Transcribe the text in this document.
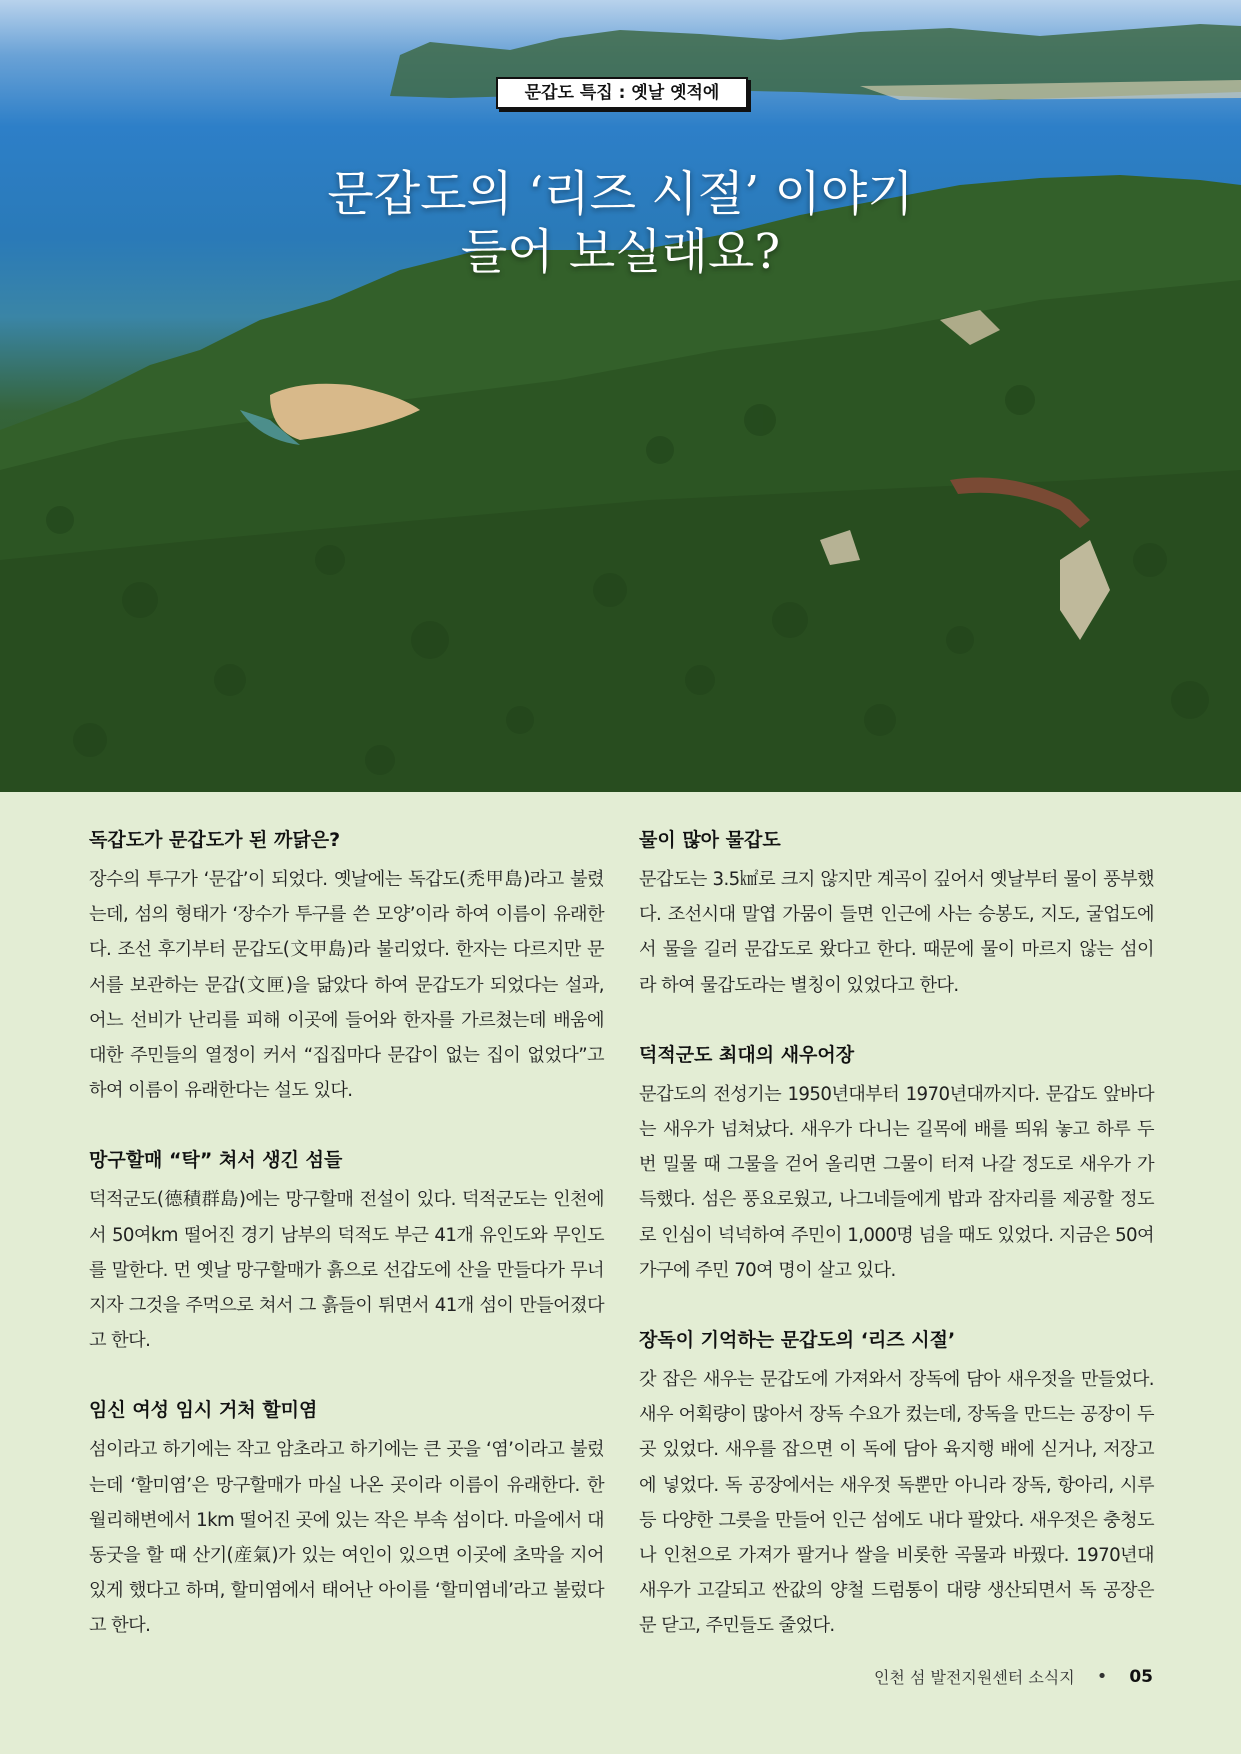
문갑도 특집 : 옛날 옛적에
문갑도의 ‘리즈 시절’ 이야기
들어 보실래요?
독갑도가 문갑도가 된 까닭은?

장수의 투구가 ‘문갑’이 되었다. 옛날에는 독갑도(禿甲島)라고 불렸는데, 섬의 형태가 ‘장수가 투구를 쓴 모양’이라 하여 이름이 유래한다. 조선 후기부터 문갑도(文甲島)라 불리었다. 한자는 다르지만 문서를 보관하는 문갑(文匣)을 닮았다 하여 문갑도가 되었다는 설과, 어느 선비가 난리를 피해 이곳에 들어와 한자를 가르쳤는데 배움에 대한 주민들의 열정이 커서 “집집마다 문갑이 없는 집이 없었다”고 하여 이름이 유래한다는 설도 있다.

망구할매 “탁” 쳐서 생긴 섬들

덕적군도(德積群島)에는 망구할매 전설이 있다. 덕적군도는 인천에서 50여km 떨어진 경기 남부의 덕적도 부근 41개 유인도와 무인도를 말한다. 먼 옛날 망구할매가 흙으로 선갑도에 산을 만들다가 무너지자 그것을 주먹으로 쳐서 그 흙들이 튀면서 41개 섬이 만들어졌다고 한다.

임신 여성 임시 거처 할미염

섬이라고 하기에는 작고 암초라고 하기에는 큰 곳을 ‘염’이라고 불렀는데 ‘할미염’은 망구할매가 마실 나온 곳이라 이름이 유래한다. 한월리해변에서 1km 떨어진 곳에 있는 작은 부속 섬이다. 마을에서 대동굿을 할 때 산기(産氣)가 있는 여인이 있으면 이곳에 초막을 지어 있게 했다고 하며, 할미염에서 태어난 아이를 ‘할미염네’라고 불렀다고 한다.

물이 많아 물갑도

문갑도는 3.5㎢로 크지 않지만 계곡이 깊어서 옛날부터 물이 풍부했다. 조선시대 말엽 가뭄이 들면 인근에 사는 승봉도, 지도, 굴업도에서 물을 길러 문갑도로 왔다고 한다. 때문에 물이 마르지 않는 섬이라 하여 물갑도라는 별칭이 있었다고 한다.

덕적군도 최대의 새우어장

문갑도의 전성기는 1950년대부터 1970년대까지다. 문갑도 앞바다는 새우가 넘쳐났다. 새우가 다니는 길목에 배를 띄워 놓고 하루 두 번 밀물 때 그물을 걷어 올리면 그물이 터져 나갈 정도로 새우가 가득했다. 섬은 풍요로웠고, 나그네들에게 밥과 잠자리를 제공할 정도로 인심이 넉넉하여 주민이 1,000명 넘을 때도 있었다. 지금은 50여 가구에 주민 70여 명이 살고 있다.

장독이 기억하는 문갑도의 ‘리즈 시절’

갓 잡은 새우는 문갑도에 가져와서 장독에 담아 새우젓을 만들었다. 새우 어획량이 많아서 장독 수요가 컸는데, 장독을 만드는 공장이 두 곳 있었다. 새우를 잡으면 이 독에 담아 육지행 배에 싣거나, 저장고에 넣었다. 독 공장에서는 새우젓 독뿐만 아니라 장독, 항아리, 시루 등 다양한 그릇을 만들어 인근 섬에도 내다 팔았다. 새우젓은 충청도나 인천으로 가져가 팔거나 쌀을 비롯한 곡물과 바꿨다. 1970년대 새우가 고갈되고 싼값의 양철 드럼통이 대량 생산되면서 독 공장은 문 닫고, 주민들도 줄었다.

인천 섬 발전지원센터 소식지 • 05
